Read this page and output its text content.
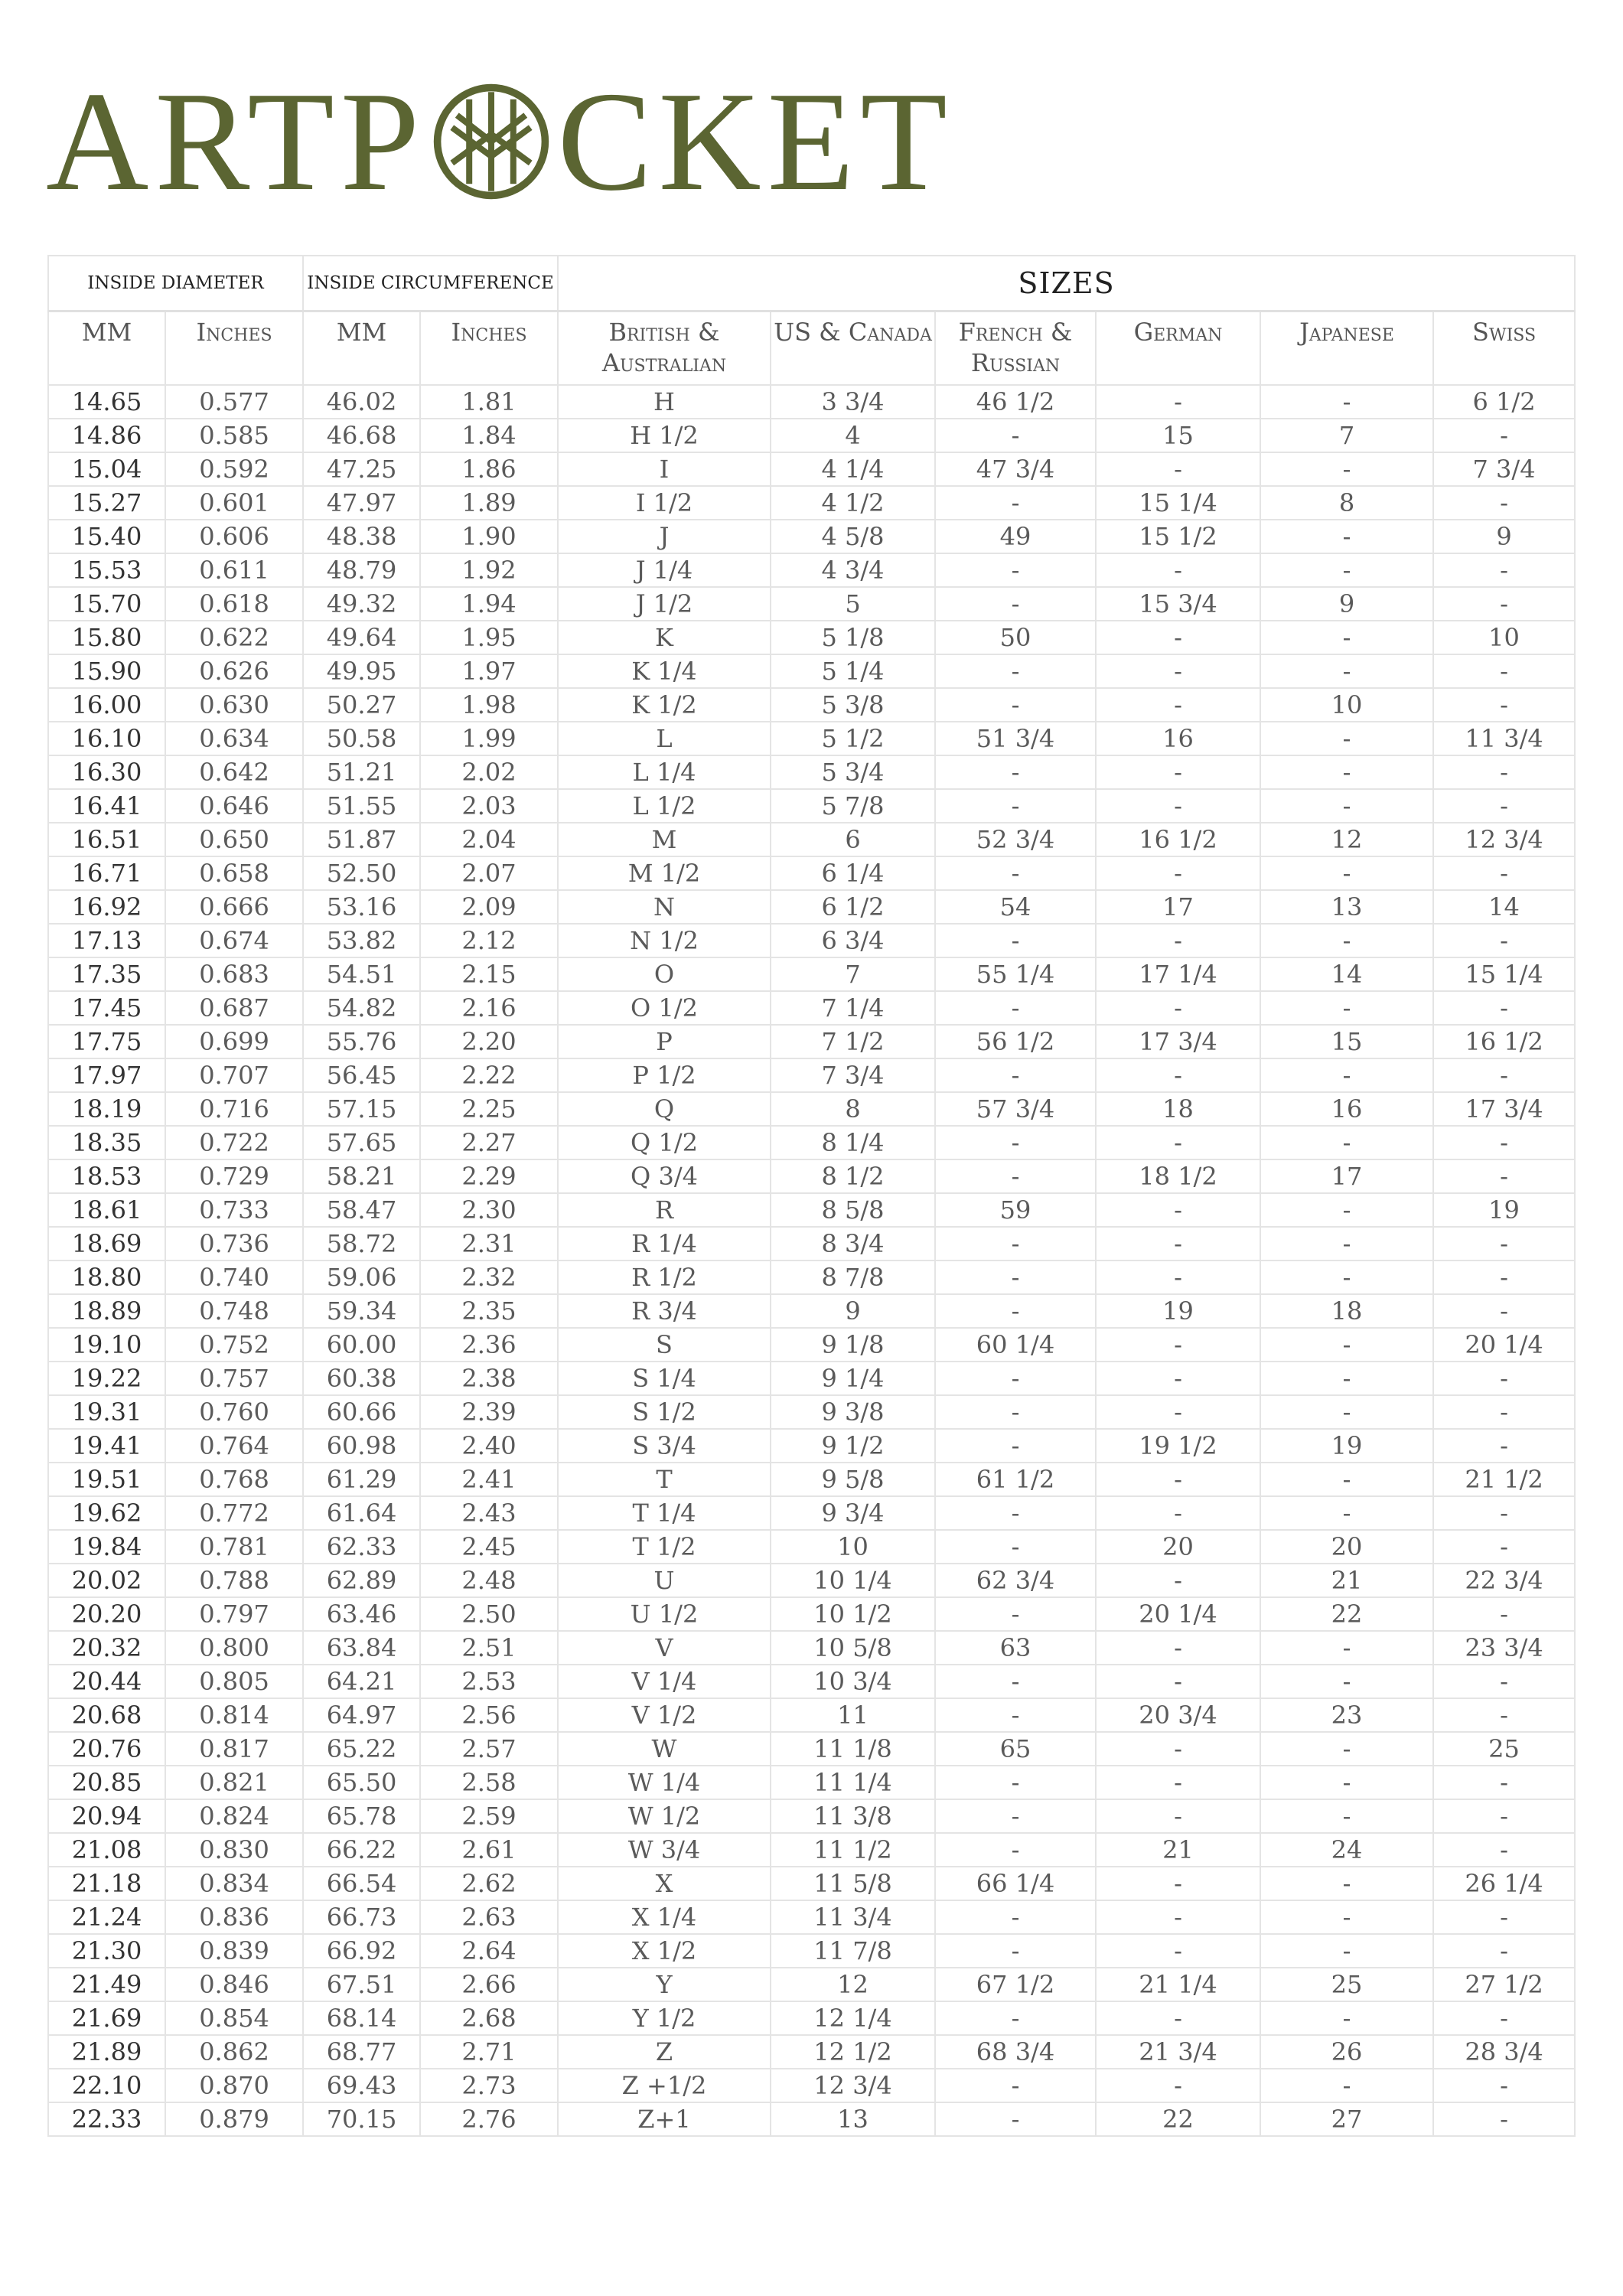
ARTP CKET
INSIDE DIAMETER		INSIDE CIRCUMFERENCE		SIZES					
MM	Inches	MM	Inches	British & Australian	US & Canada	French & Russian	German	Japanese	Swiss
14.65	0.577	46.02	1.81	H	3 3/4	46 1/2	-	-	6 1/2
14.86	0.585	46.68	1.84	H 1/2	4	-	15	7	-
15.04	0.592	47.25	1.86	I	4 1/4	47 3/4	-	-	7 3/4
15.27	0.601	47.97	1.89	I 1/2	4 1/2	-	15 1/4	8	-
15.40	0.606	48.38	1.90	J	4 5/8	49	15 1/2	-	9
15.53	0.611	48.79	1.92	J 1/4	4 3/4	-	-	-	-
15.70	0.618	49.32	1.94	J 1/2	5	-	15 3/4	9	-
15.80	0.622	49.64	1.95	K	5 1/8	50	-	-	10
15.90	0.626	49.95	1.97	K 1/4	5 1/4	-	-	-	-
16.00	0.630	50.27	1.98	K 1/2	5 3/8	-	-	10	-
16.10	0.634	50.58	1.99	L	5 1/2	51 3/4	16	-	11 3/4
16.30	0.642	51.21	2.02	L 1/4	5 3/4	-	-	-	-
16.41	0.646	51.55	2.03	L 1/2	5 7/8	-	-	-	-
16.51	0.650	51.87	2.04	M	6	52 3/4	16 1/2	12	12 3/4
16.71	0.658	52.50	2.07	M 1/2	6 1/4	-	-	-	-
16.92	0.666	53.16	2.09	N	6 1/2	54	17	13	14
17.13	0.674	53.82	2.12	N 1/2	6 3/4	-	-	-	-
17.35	0.683	54.51	2.15	O	7	55 1/4	17 1/4	14	15 1/4
17.45	0.687	54.82	2.16	O 1/2	7 1/4	-	-	-	-
17.75	0.699	55.76	2.20	P	7 1/2	56 1/2	17 3/4	15	16 1/2
17.97	0.707	56.45	2.22	P 1/2	7 3/4	-	-	-	-
18.19	0.716	57.15	2.25	Q	8	57 3/4	18	16	17 3/4
18.35	0.722	57.65	2.27	Q 1/2	8 1/4	-	-	-	-
18.53	0.729	58.21	2.29	Q 3/4	8 1/2	-	18 1/2	17	-
18.61	0.733	58.47	2.30	R	8 5/8	59	-	-	19
18.69	0.736	58.72	2.31	R 1/4	8 3/4	-	-	-	-
18.80	0.740	59.06	2.32	R 1/2	8 7/8	-	-	-	-
18.89	0.748	59.34	2.35	R 3/4	9	-	19	18	-
19.10	0.752	60.00	2.36	S	9 1/8	60 1/4	-	-	20 1/4
19.22	0.757	60.38	2.38	S 1/4	9 1/4	-	-	-	-
19.31	0.760	60.66	2.39	S 1/2	9 3/8	-	-	-	-
19.41	0.764	60.98	2.40	S 3/4	9 1/2	-	19 1/2	19	-
19.51	0.768	61.29	2.41	T	9 5/8	61 1/2	-	-	21 1/2
19.62	0.772	61.64	2.43	T 1/4	9 3/4	-	-	-	-
19.84	0.781	62.33	2.45	T 1/2	10	-	20	20	-
20.02	0.788	62.89	2.48	U	10 1/4	62 3/4	-	21	22 3/4
20.20	0.797	63.46	2.50	U 1/2	10 1/2	-	20 1/4	22	-
20.32	0.800	63.84	2.51	V	10 5/8	63	-	-	23 3/4
20.44	0.805	64.21	2.53	V 1/4	10 3/4	-	-	-	-
20.68	0.814	64.97	2.56	V 1/2	11	-	20 3/4	23	-
20.76	0.817	65.22	2.57	W	11 1/8	65	-	-	25
20.85	0.821	65.50	2.58	W 1/4	11 1/4	-	-	-	-
20.94	0.824	65.78	2.59	W 1/2	11 3/8	-	-	-	-
21.08	0.830	66.22	2.61	W 3/4	11 1/2	-	21	24	-
21.18	0.834	66.54	2.62	X	11 5/8	66 1/4	-	-	26 1/4
21.24	0.836	66.73	2.63	X 1/4	11 3/4	-	-	-	-
21.30	0.839	66.92	2.64	X 1/2	11 7/8	-	-	-	-
21.49	0.846	67.51	2.66	Y	12	67 1/2	21 1/4	25	27 1/2
21.69	0.854	68.14	2.68	Y 1/2	12 1/4	-	-	-	-
21.89	0.862	68.77	2.71	Z	12 1/2	68 3/4	21 3/4	26	28 3/4
22.10	0.870	69.43	2.73	Z +1/2	12 3/4	-	-	-	-
22.33	0.879	70.15	2.76	Z+1	13	-	22	27	-
